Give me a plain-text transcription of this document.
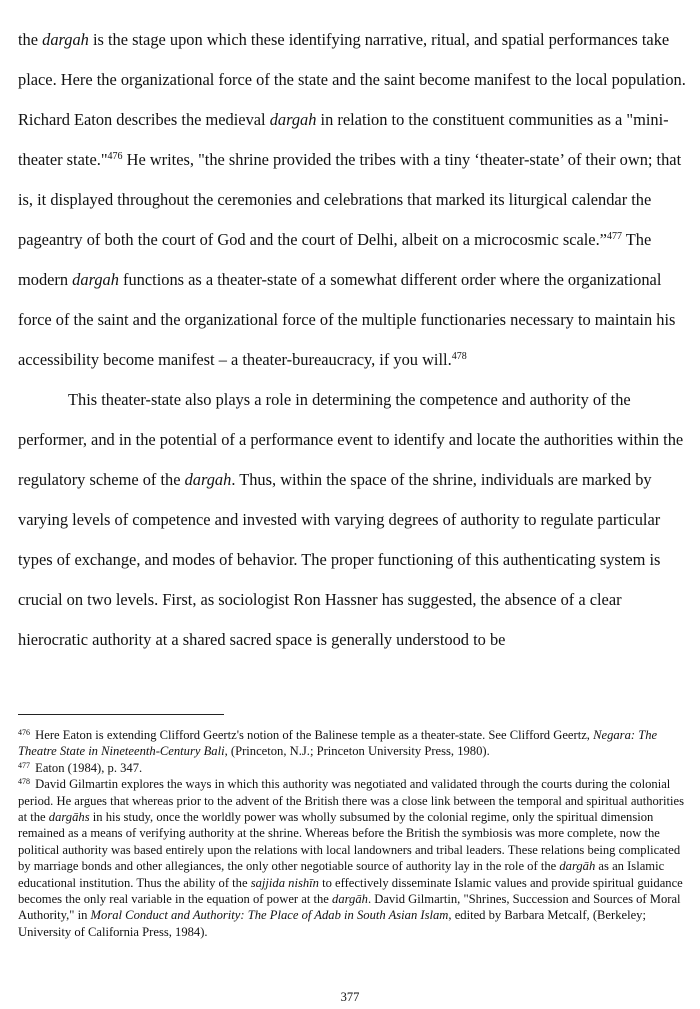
the dargah is the stage upon which these identifying narrative, ritual, and spatial performances take place. Here the organizational force of the state and the saint become manifest to the local population. Richard Eaton describes the medieval dargah in relation to the constituent communities as a "mini-theater state."$^{476}$ He writes, "the shrine provided the tribes with a tiny ‘theater-state’ of their own; that is, it displayed throughout the ceremonies and celebrations that marked its liturgical calendar the pageantry of both the court of God and the court of Delhi, albeit on a microcosmic scale.”$^{477}$ The modern dargah functions as a theater-state of a somewhat different order where the organizational force of the saint and the organizational force of the multiple functionaries necessary to maintain his accessibility become manifest – a theater-bureaucracy, if you will.$^{478}$

This theater-state also plays a role in determining the competence and authority of the performer, and in the potential of a performance event to identify and locate the authorities within the regulatory scheme of the dargah. Thus, within the space of the shrine, individuals are marked by varying levels of competence and invested with varying degrees of authority to regulate particular types of exchange, and modes of behavior. The proper functioning of this authenticating system is crucial on two levels. First, as sociologist Ron Hassner has suggested, the absence of a clear hierocratic authority at a shared sacred space is generally understood to be

$^{476}$ Here Eaton is extending Clifford Geertz's notion of the Balinese temple as a theater-state. See Clifford Geertz, Negara: The Theatre State in Nineteenth-Century Bali, (Princeton, N.J.; Princeton University Press, 1980).

$^{477}$ Eaton (1984), p. 347.

$^{478}$ David Gilmartin explores the ways in which this authority was negotiated and validated through the courts during the colonial period. He argues that whereas prior to the advent of the British there was a close link between the temporal and spiritual authorities at the dargāhs in his study, once the worldly power was wholly subsumed by the colonial regime, only the spiritual dimension remained as a means of verifying authority at the shrine. Whereas before the British the symbiosis was more complete, now the political authority was based entirely upon the relations with local landowners and tribal leaders. These relations being complicated by marriage bonds and other allegiances, the only other negotiable source of authority lay in the role of the dargāh as an Islamic educational institution. Thus the ability of the sajjida nishīn to effectively disseminate Islamic values and provide spiritual guidance becomes the only real variable in the equation of power at the dargāh. David Gilmartin, "Shrines, Succession and Sources of Moral Authority," in Moral Conduct and Authority: The Place of Adab in South Asian Islam, edited by Barbara Metcalf, (Berkeley; University of California Press, 1984).

377
